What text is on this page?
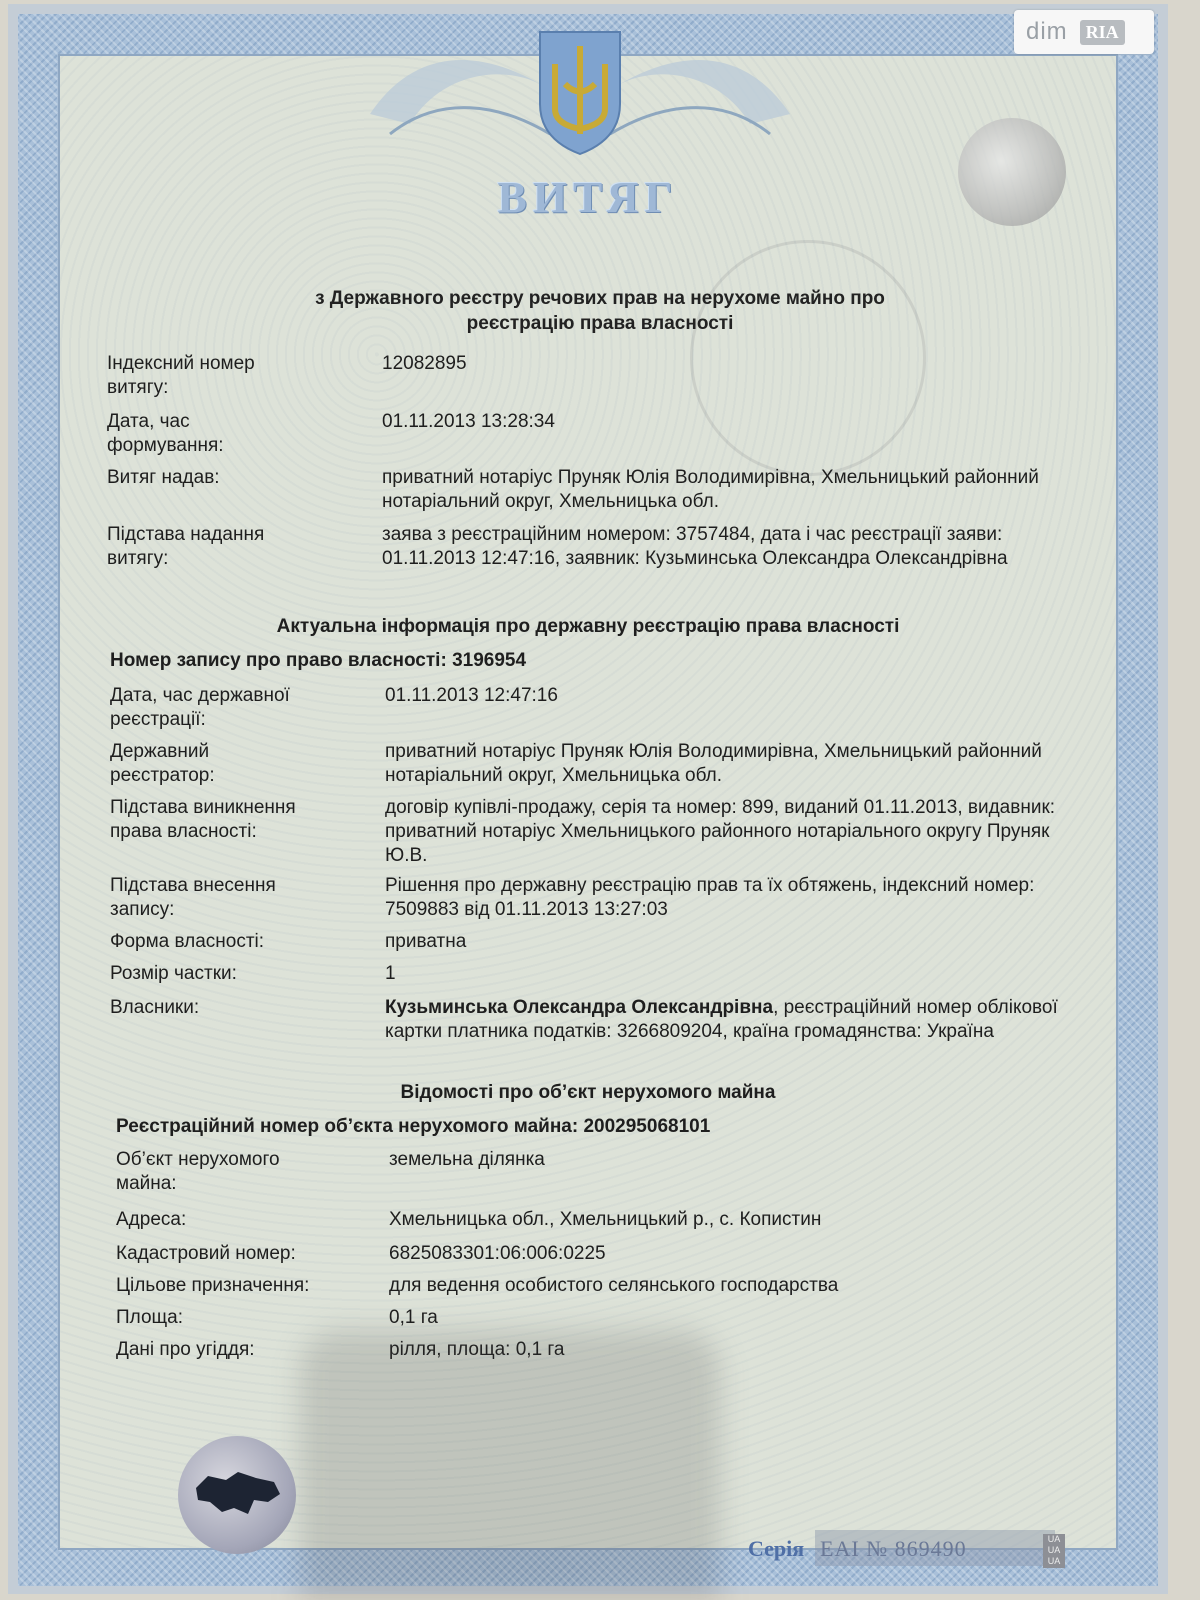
dim	RIA
ВИТЯГ
з Державного реєстру речових прав на нерухоме майно про
реєстрацію права власності
Індексний номер витягу:
12082895
Дата, час формування:
01.11.2013 13:28:34
Витяг надав:	приватний нотаріус Пруняк Юлія Володимирівна, Хмельницький районний нотаріальний округ, Хмельницька обл.
Підстава надання витягу:
заява з реєстраційним номером: 3757484, дата і час реєстрації заяви: 01.11.2013 12:47:16, заявник: Кузьминська Олександра Олександрівна
Актуальна інформація про державну реєстрацію права власності
Номер запису про право власності: 3196954
Дата, час державної реєстрації:
01.11.2013 12:47:16
Державний реєстратор:
приватний нотаріус Пруняк Юлія Володимирівна, Хмельницький районний нотаріальний округ, Хмельницька обл.
Підстава виникнення права власності:
договір купівлі-продажу, серія та номер: 899, виданий 01.11.2013, видавник: приватний нотаріус Хмельницького районного нотаріального округу Пруняк Ю.В.
Підстава внесення запису:
Рішення про державну реєстрацію прав та їх обтяжень, індексний номер: 7509883 від 01.11.2013 13:27:03
Форма власності:	приватна
Розмір частки:	1
Власники:	Кузьминська Олександра Олександрівна, реєстраційний номер облікової картки платника податків: 3266809204, країна громадянства: Україна
Відомості про об’єкт нерухомого майна
Реєстраційний номер об’єкта нерухомого майна: 200295068101
Об’єкт нерухомого майна:
земельна ділянка
Адреса:	Хмельницька обл., Хмельницький р., с. Копистин
Кадастровий номер:	6825083301:06:006:0225
Цільове призначення:	для ведення особистого селянського господарства
Площа:	0,1 га
Дані про угіддя:	рілля, площа: 0,1 га
Серія ЕАІ № 869490	UA UA UA
